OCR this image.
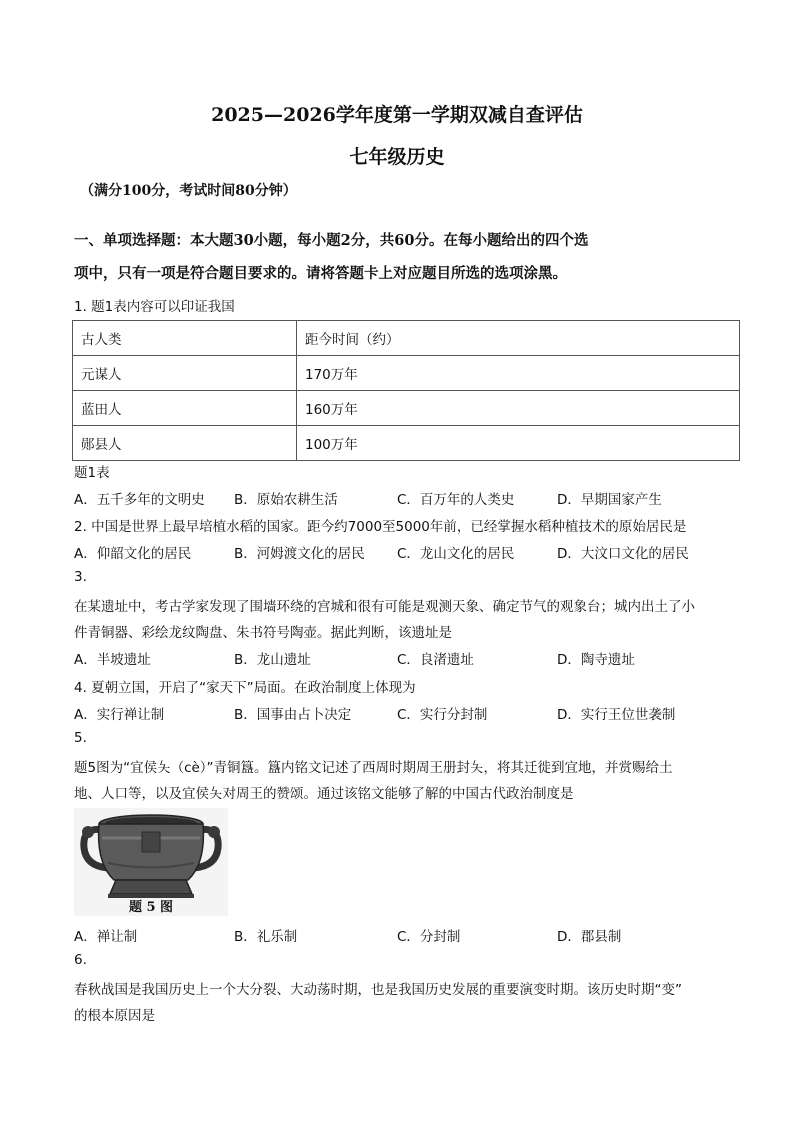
2025—2026学年度第一学期双减自查评估
七年级历史
（满分100分，考试时间80分钟）
一、单项选择题：本大题30小题，每小题2分，共60分。在每小题给出的四个选
项中，只有一项是符合题目要求的。请将答题卡上对应题目所选的选项涂黑。
1. 题1表内容可以印证我国
古人类	距今时间（约）
元谋人	170万年
蓝田人	160万年
郧县人	100万年
题1表
A．五千多年的文明史 B．原始农耕生活	C．百万年的人类史	D．早期国家产生
2. 中国是世界上最早培植水稻的国家。距今约7000至5000年前，已经掌握水稻种植技术的原始居民是
A．仰韶文化的居民	B．河姆渡文化的居民 C．龙山文化的居民	D．大汶口文化的居民
3.
在某遗址中，考古学家发现了围墙环绕的宫城和很有可能是观测天象、确定节气的观象台；城内出土了小
件青铜器、彩绘龙纹陶盘、朱书符号陶壶。据此判断，该遗址是
A．半坡遗址	B．龙山遗址	C．良渚遗址	D．陶寺遗址
4. 夏朝立国，开启了“家天下”局面。在政治制度上体现为
A．实行禅让制	B．国事由占卜决定	C．实行分封制	D．实行王位世袭制
5.
题5图为“宜侯夨（cè）”青铜簋。簋内铭文记述了西周时期周王册封夨，将其迁徙到宜地，并赏赐给土
地、人口等，以及宜侯夨对周王的赞颂。通过该铭文能够了解的中国古代政治制度是
题 5 图
A．禅让制	B．礼乐制	C．分封制	D．郡县制
6.
春秋战国是我国历史上一个大分裂、大动荡时期，也是我国历史发展的重要演变时期。该历史时期“变”
的根本原因是
